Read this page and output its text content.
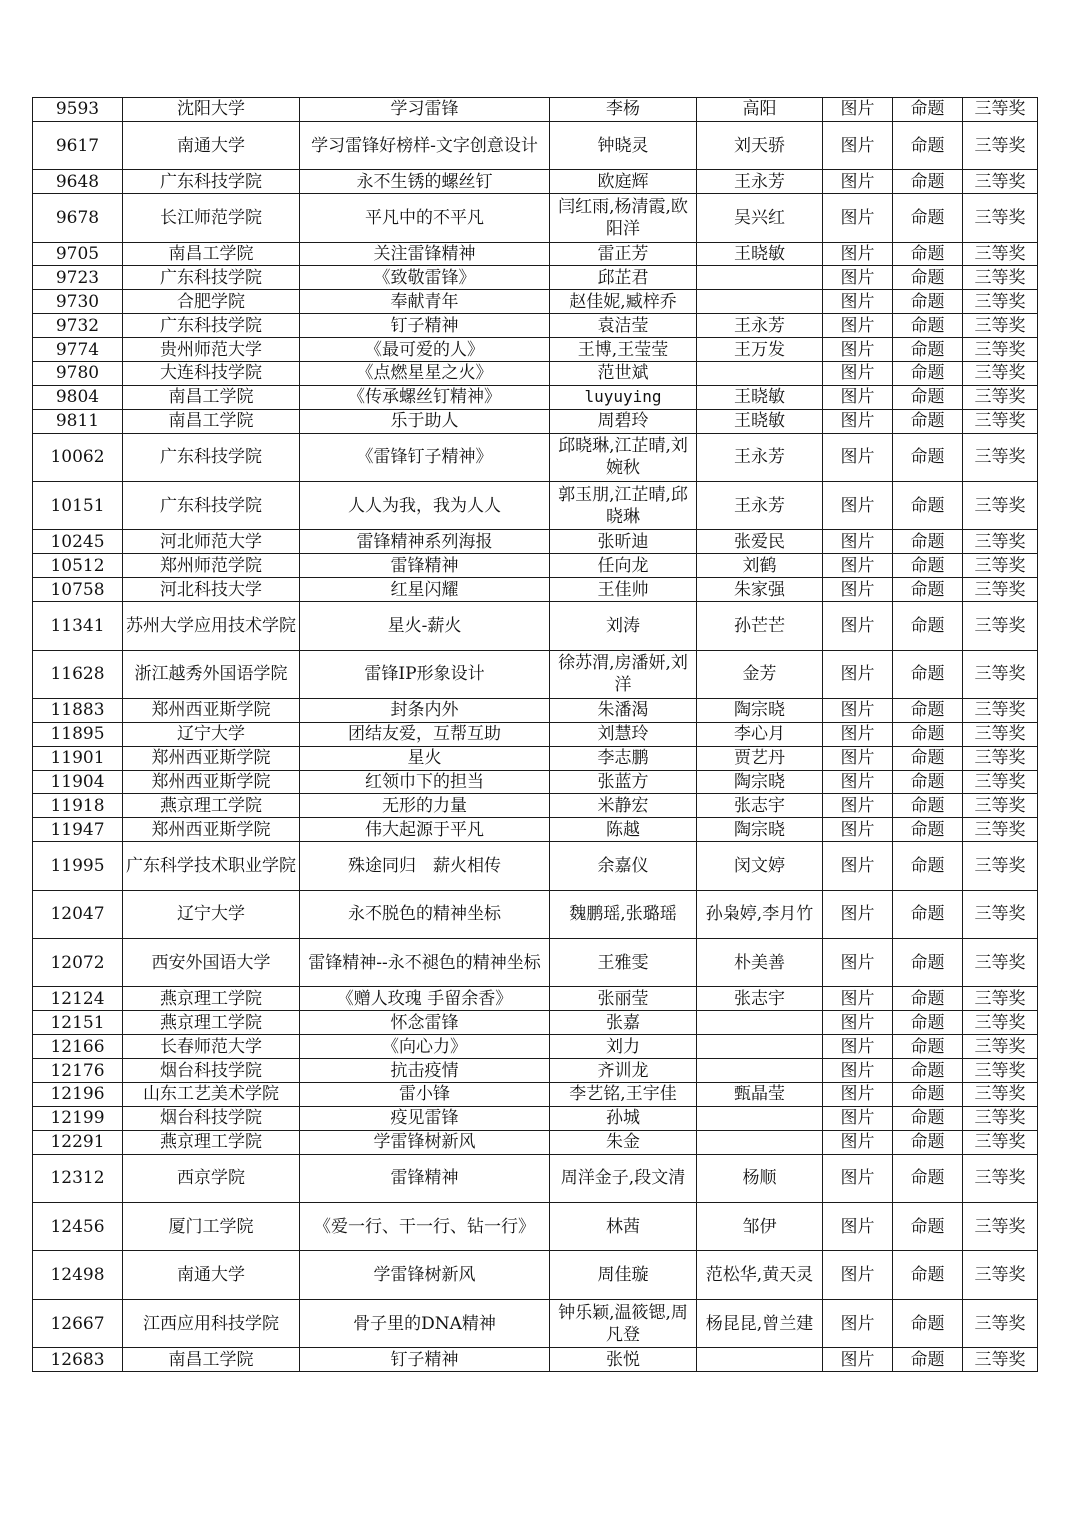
9593	沈阳大学	学习雷锋	李杨	高阳	图片	命题	三等奖
9617	南通大学	学习雷锋好榜样-文字创意设计	钟晓灵	刘天骄	图片	命题	三等奖
9648	广东科技学院	永不生锈的螺丝钉	欧庭辉	王永芳	图片	命题	三等奖
9678	长江师范学院	平凡中的不平凡	闫红雨,杨清霞,欧阳洋	吴兴红	图片	命题	三等奖
9705	南昌工学院	关注雷锋精神	雷正芳	王晓敏	图片	命题	三等奖
9723	广东科技学院	《致敬雷锋》	邱芷君		图片	命题	三等奖
9730	合肥学院	奉献青年	赵佳妮,臧梓乔		图片	命题	三等奖
9732	广东科技学院	钉子精神	袁洁莹	王永芳	图片	命题	三等奖
9774	贵州师范大学	《最可爱的人》	王博,王莹莹	王万发	图片	命题	三等奖
9780	大连科技学院	《点燃星星之火》	范世斌		图片	命题	三等奖
9804	南昌工学院	《传承螺丝钉精神》	luyuying	王晓敏	图片	命题	三等奖
9811	南昌工学院	乐于助人	周碧玲	王晓敏	图片	命题	三等奖
10062	广东科技学院	《雷锋钉子精神》	邱晓琳,江芷晴,刘婉秋	王永芳	图片	命题	三等奖
10151	广东科技学院	人人为我，我为人人	郭玉朋,江芷晴,邱晓琳	王永芳	图片	命题	三等奖
10245	河北师范大学	雷锋精神系列海报	张昕迪	张爱民	图片	命题	三等奖
10512	郑州师范学院	雷锋精神	任向龙	刘鹤	图片	命题	三等奖
10758	河北科技大学	红星闪耀	王佳帅	朱家强	图片	命题	三等奖
11341	苏州大学应用技术学院	星火-薪火	刘涛	孙芒芒	图片	命题	三等奖
11628	浙江越秀外国语学院	雷锋IP形象设计	徐苏渭,房潘妍,刘洋	金芳	图片	命题	三等奖
11883	郑州西亚斯学院	封条内外	朱潘渴	陶宗晓	图片	命题	三等奖
11895	辽宁大学	团结友爱，互帮互助	刘慧玲	李心月	图片	命题	三等奖
11901	郑州西亚斯学院	星火	李志鹏	贾艺丹	图片	命题	三等奖
11904	郑州西亚斯学院	红领巾下的担当	张蓝方	陶宗晓	图片	命题	三等奖
11918	燕京理工学院	无形的力量	米静宏	张志宇	图片	命题	三等奖
11947	郑州西亚斯学院	伟大起源于平凡	陈越	陶宗晓	图片	命题	三等奖
11995	广东科学技术职业学院	殊途同归　薪火相传	余嘉仪	闵文婷	图片	命题	三等奖
12047	辽宁大学	永不脱色的精神坐标	魏鹏瑶,张璐瑶	孙枭婷,李月竹	图片	命题	三等奖
12072	西安外国语大学	雷锋精神--永不褪色的精神坐标	王雅雯	朴美善	图片	命题	三等奖
12124	燕京理工学院	《赠人玫瑰 手留余香》	张丽莹	张志宇	图片	命题	三等奖
12151	燕京理工学院	怀念雷锋	张嘉		图片	命题	三等奖
12166	长春师范大学	《向心力》	刘力		图片	命题	三等奖
12176	烟台科技学院	抗击疫情	齐训龙		图片	命题	三等奖
12196	山东工艺美术学院	雷小锋	李艺铭,王宇佳	甄晶莹	图片	命题	三等奖
12199	烟台科技学院	疫见雷锋	孙城		图片	命题	三等奖
12291	燕京理工学院	学雷锋树新风	朱金		图片	命题	三等奖
12312	西京学院	雷锋精神	周洋金子,段文清	杨顺	图片	命题	三等奖
12456	厦门工学院	《爱一行、干一行、钻一行》	林茜	邹伊	图片	命题	三等奖
12498	南通大学	学雷锋树新风	周佳璇	范松华,黄天灵	图片	命题	三等奖
12667	江西应用科技学院	骨子里的DNA精神	钟乐颖,温筱锶,周凡登	杨昆昆,曾兰建	图片	命题	三等奖
12683	南昌工学院	钉子精神	张悦		图片	命题	三等奖
